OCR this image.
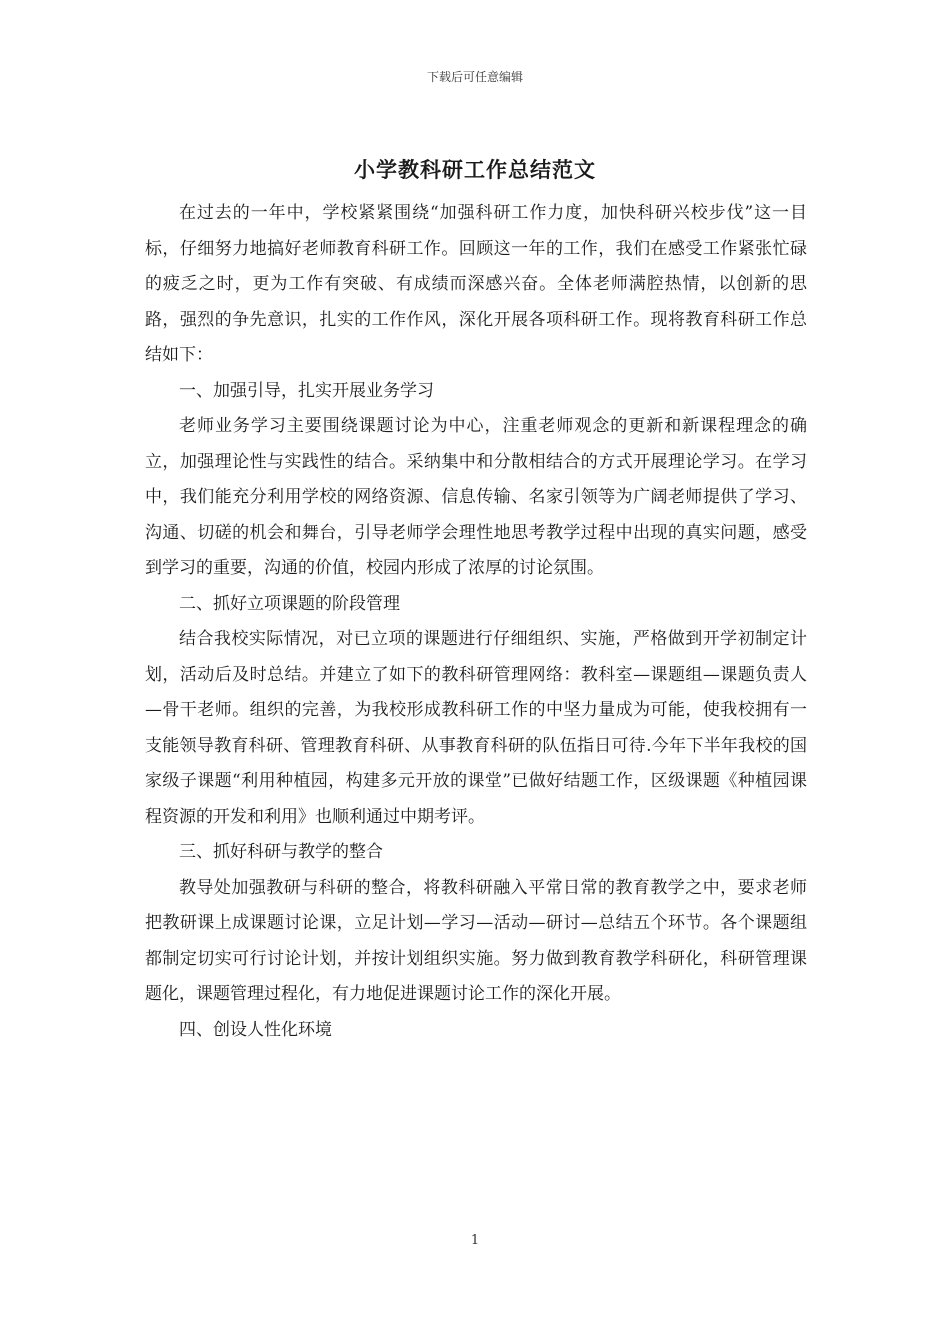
下载后可任意编辑
小学教科研工作总结范文

在过去的一年中，学校紧紧围绕“加强科研工作力度，加快科研兴校步伐”这一目标，仔细努力地搞好老师教育科研工作。回顾这一年的工作，我们在感受工作紧张忙碌的疲乏之时，更为工作有突破、有成绩而深感兴奋。全体老师满腔热情，以创新的思路，强烈的争先意识，扎实的工作作风，深化开展各项科研工作。现将教育科研工作总结如下：

一、加强引导，扎实开展业务学习

老师业务学习主要围绕课题讨论为中心，注重老师观念的更新和新课程理念的确立，加强理论性与实践性的结合。采纳集中和分散相结合的方式开展理论学习。在学习中，我们能充分利用学校的网络资源、信息传输、名家引领等为广阔老师提供了学习、沟通、切磋的机会和舞台，引导老师学会理性地思考教学过程中出现的真实问题，感受到学习的重要，沟通的价值，校园内形成了浓厚的讨论氛围。

二、抓好立项课题的阶段管理

结合我校实际情况，对已立项的课题进行仔细组织、实施，严格做到开学初制定计划，活动后及时总结。并建立了如下的教科研管理网络：教科室—课题组—课题负责人—骨干老师。组织的完善，为我校形成教科研工作的中坚力量成为可能，使我校拥有一支能领导教育科研、管理教育科研、从事教育科研的队伍指日可待.今年下半年我校的国家级子课题“利用种植园，构建多元开放的课堂”已做好结题工作，区级课题《种植园课程资源的开发和利用》也顺利通过中期考评。

三、抓好科研与教学的整合

教导处加强教研与科研的整合，将教科研融入平常日常的教育教学之中，要求老师把教研课上成课题讨论课，立足计划—学习—活动—研讨—总结五个环节。各个课题组都制定切实可行讨论计划，并按计划组织实施。努力做到教育教学科研化，科研管理课题化，课题管理过程化，有力地促进课题讨论工作的深化开展。

四、创设人性化环境

1
